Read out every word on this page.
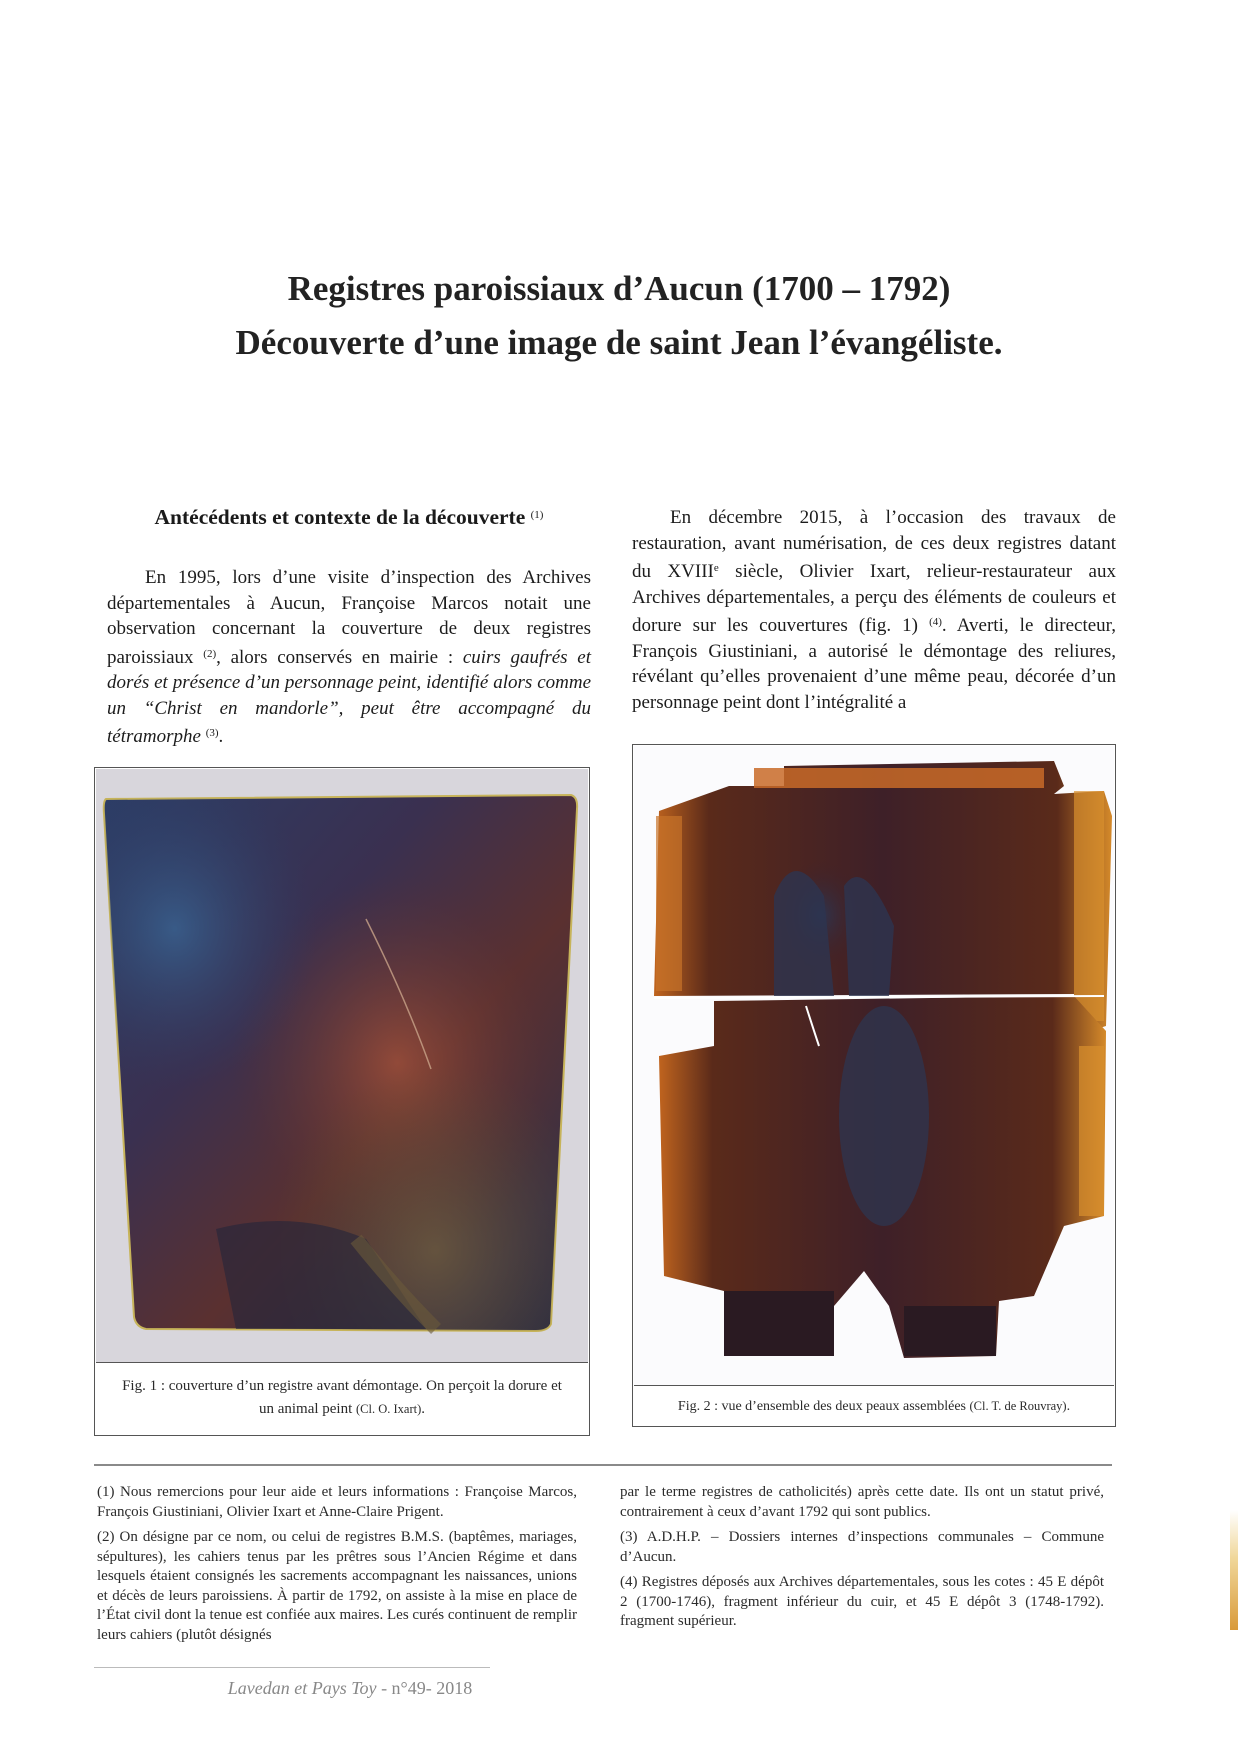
Registres paroissiaux d’Aucun (1700 – 1792)
Découverte d’une image de saint Jean l’évangéliste.
Antécédents et contexte de la découverte $^{(1)}$

En 1995, lors d’une visite d’inspection des Archives départementales à Aucun, Françoise Marcos notait une observation concernant la couverture de deux registres paroissiaux $^{(2)}$, alors conservés en mairie : cuirs gaufrés et dorés et présence d’un personnage peint, identifié alors comme un “Christ en mandorle”, peut être accompagné du tétramorphe $^{(3)}$.

En décembre 2015, à l’occasion des travaux de restauration, avant numérisation, de ces deux registres datant du XVIIIe siècle, Olivier Ixart, relieur-restaurateur aux Archives départementales, a perçu des éléments de couleurs et dorure sur les couvertures (fig. 1) $^{(4)}$. Averti, le directeur, François Giustiniani, a autorisé le démontage des reliures, révélant qu’elles provenaient d’une même peau, décorée d’un personnage peint dont l’intégralité a

Fig. 1 : couverture d’un registre avant démontage. On perçoit la dorure et un animal peint (Cl. O. Ixart).	Fig. 2 : vue d’ensemble des deux peaux assemblées (Cl. T. de Rouvray).

(1) Nous remercions pour leur aide et leurs informations : Françoise Marcos, François Giustiniani, Olivier Ixart et Anne-Claire Prigent.

(2) On désigne par ce nom, ou celui de registres B.M.S. (baptêmes, mariages, sépultures), les cahiers tenus par les prêtres sous l’Ancien Régime et dans lesquels étaient consignés les sacrements accompagnant les naissances, unions et décès de leurs paroissiens. À partir de 1792, on assiste à la mise en place de l’État civil dont la tenue est confiée aux maires. Les curés continuent de remplir leurs cahiers (plutôt désignés

par le terme registres de catholicités) après cette date. Ils ont un statut privé, contrairement à ceux d’avant 1792 qui sont publics.

(3) A.D.H.P. – Dossiers internes d’inspections communales – Commune d’Aucun.

(4) Registres déposés aux Archives départementales, sous les cotes : 45 E dépôt 2 (1700-1746), fragment inférieur du cuir, et 45 E dépôt 3 (1748-1792). fragment supérieur.

Lavedan et Pays Toy - n°49- 2018
